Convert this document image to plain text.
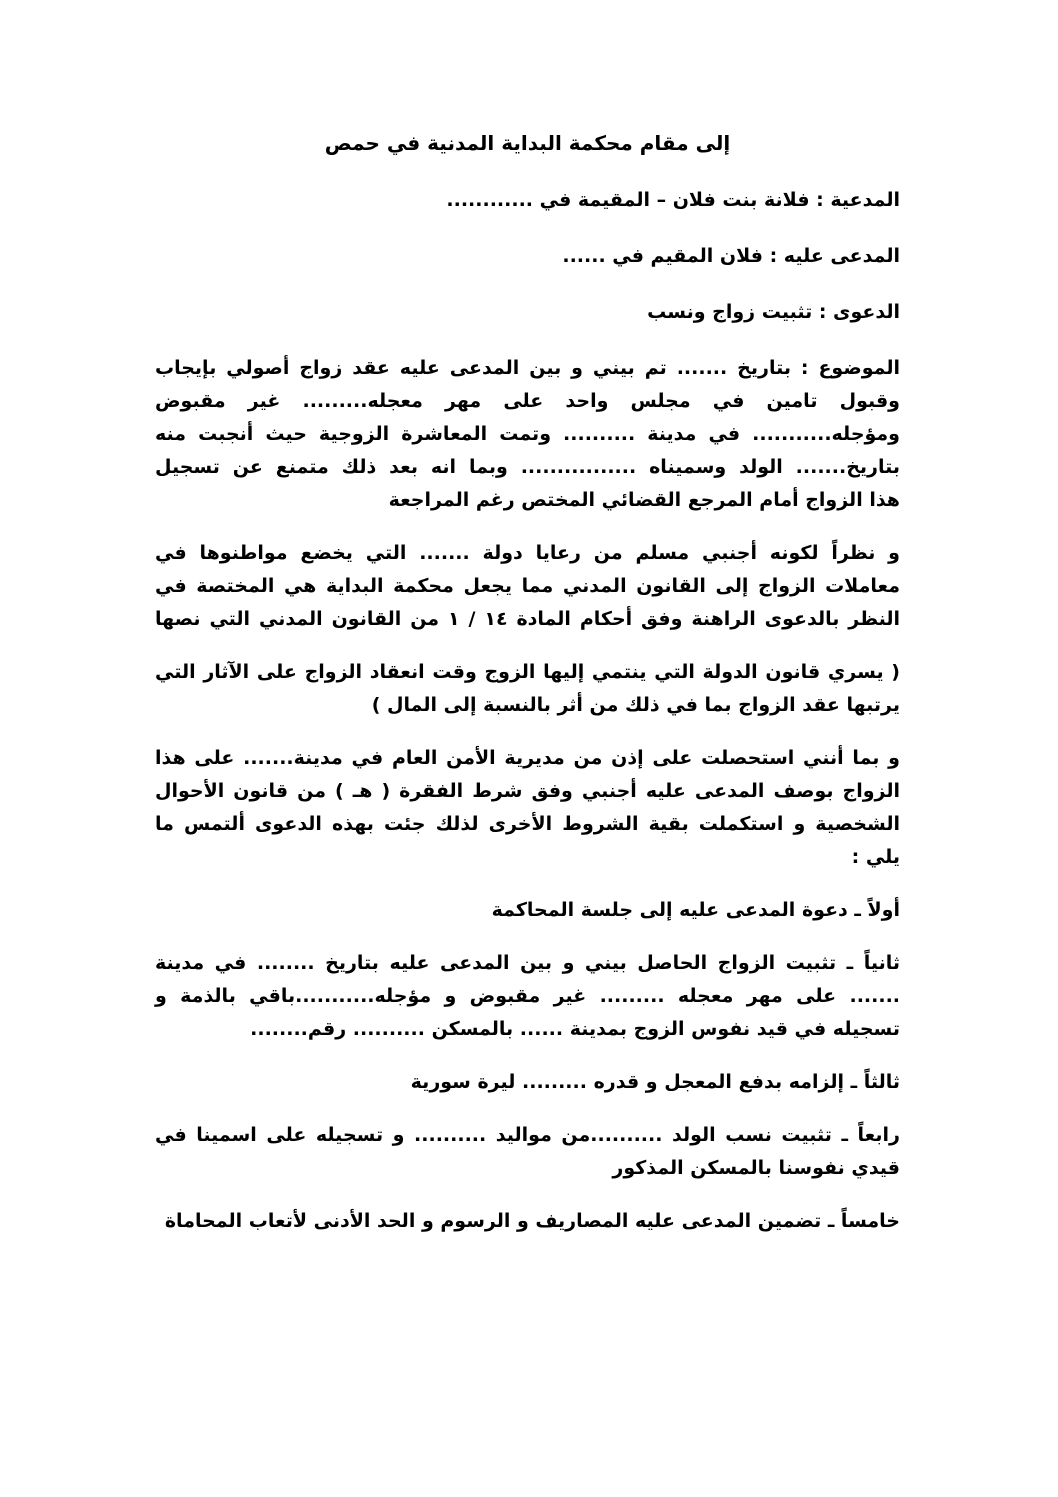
إلى مقام محكمة البداية المدنية في حمص
المدعية : فلانة بنت فلان – المقيمة في ............
المدعى عليه : فلان المقيم في ......
الدعوى : تثبيت زواج ونسب
الموضوع : بتاريخ ....... تم بيني و بين المدعى عليه عقد زواج أصولي بإيجاب
وقبول تامين في مجلس واحد على مهر معجله......... غير مقبوض
ومؤجله........... في مدينة .......... وتمت المعاشرة الزوجية حيث أنجبت منه
بتاريخ....... الولد وسميناه ................ وبما انه بعد ذلك متمنع عن تسجيل
هذا الزواج أمام المرجع القضائي المختص رغم المراجعة
و نظراً لكونه أجنبي مسلم من رعايا دولة ....... التي يخضع مواطنوها في
معاملات الزواج إلى القانون المدني مما يجعل محكمة البداية هي المختصة في
النظر بالدعوى الراهنة وفق أحكام المادة ١٤ / ١ من القانون المدني التي نصها
( يسري قانون الدولة التي ينتمي إليها الزوج وقت انعقاد الزواج على الآثار التي
يرتبها عقد الزواج بما في ذلك من أثر بالنسبة إلى المال )
و بما أنني استحصلت على إذن من مديرية الأمن العام في مدينة....... على هذا
الزواج بوصف المدعى عليه أجنبي وفق شرط الفقرة ( هـ ) من قانون الأحوال
الشخصية و استكملت بقية الشروط الأخرى لذلك جئت بهذه الدعوى ألتمس ما
يلي :
أولاً ـ دعوة المدعى عليه إلى جلسة المحاكمة
ثانياً ـ تثبيت الزواج الحاصل بيني و بين المدعى عليه بتاريخ ........ في مدينة
....... على مهر معجله ......... غير مقبوض و مؤجله...........باقي بالذمة و
تسجيله في قيد نفوس الزوج بمدينة ...... بالمسكن .......... رقم........
ثالثاً ـ إلزامه بدفع المعجل و قدره ......... ليرة سورية
رابعاً ـ تثبيت نسب الولد ..........من مواليد .......... و تسجيله على اسمينا في
قيدي نفوسنا بالمسكن المذكور
خامساً ـ تضمين المدعى عليه المصاريف و الرسوم و الحد الأدنى لأتعاب المحاماة
